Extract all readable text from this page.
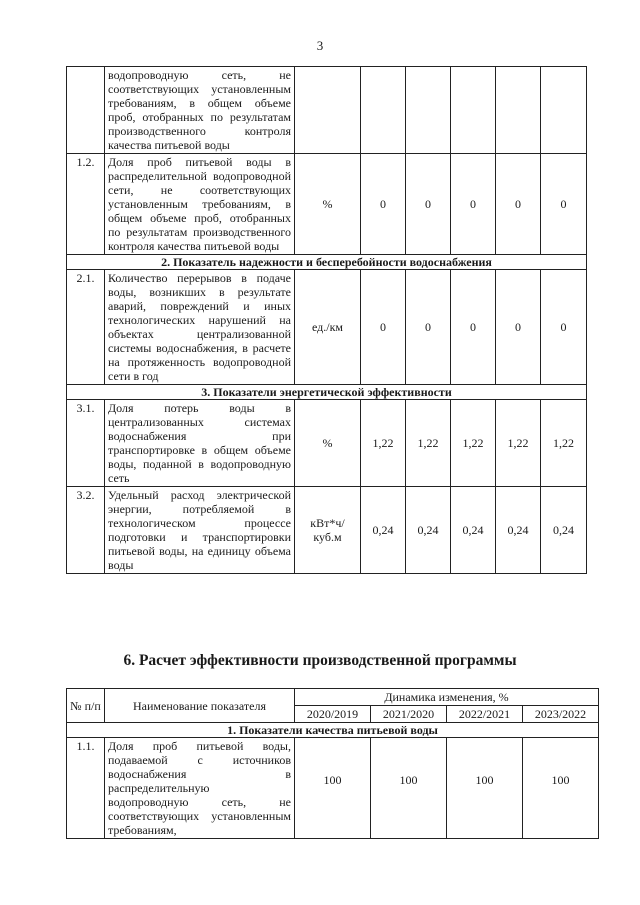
3
	водопроводную сеть, не соответствующих установленным требованиям, в общем объеме проб, отобранных по результатам производственного контроля качества питьевой воды						
1.2.	Доля проб питьевой воды в распределительной водопроводной сети, не соответствующих установленным требованиям, в общем объеме проб, отобранных по результатам производственного контроля качества питьевой воды	%	0	0	0	0	0
2. Показатель надежности и бесперебойности водоснабжения							
2.1.	Количество перерывов в подаче воды, возникших в результате аварий, повреждений и иных технологических нарушений на объектах централизованной системы водоснабжения, в расчете на протяженность водопроводной сети в год	ед./км	0	0	0	0	0
3. Показатели энергетической эффективности							
3.1.	Доля потерь воды в централизованных системах водоснабжения при транспортировке в общем объеме воды, поданной в водопроводную сеть	%	1,22	1,22	1,22	1,22	1,22
3.2.	Удельный расход электрической энергии, потребляемой в технологическом процессе подготовки и транспортировки питьевой воды, на единицу объема воды	кВт*ч/ куб.м	0,24	0,24	0,24	0,24	0,24
6. Расчет эффективности производственной программы
№ п/п	Наименование показателя	Динамика изменения, %			
		2020/2019	2021/2020	2022/2021	2023/2022
1. Показатели качества питьевой воды					
1.1.	Доля проб питьевой воды, подаваемой с источников водоснабжения в распределительную водопроводную сеть, не соответствующих установленным требованиям,	100	100	100	100
